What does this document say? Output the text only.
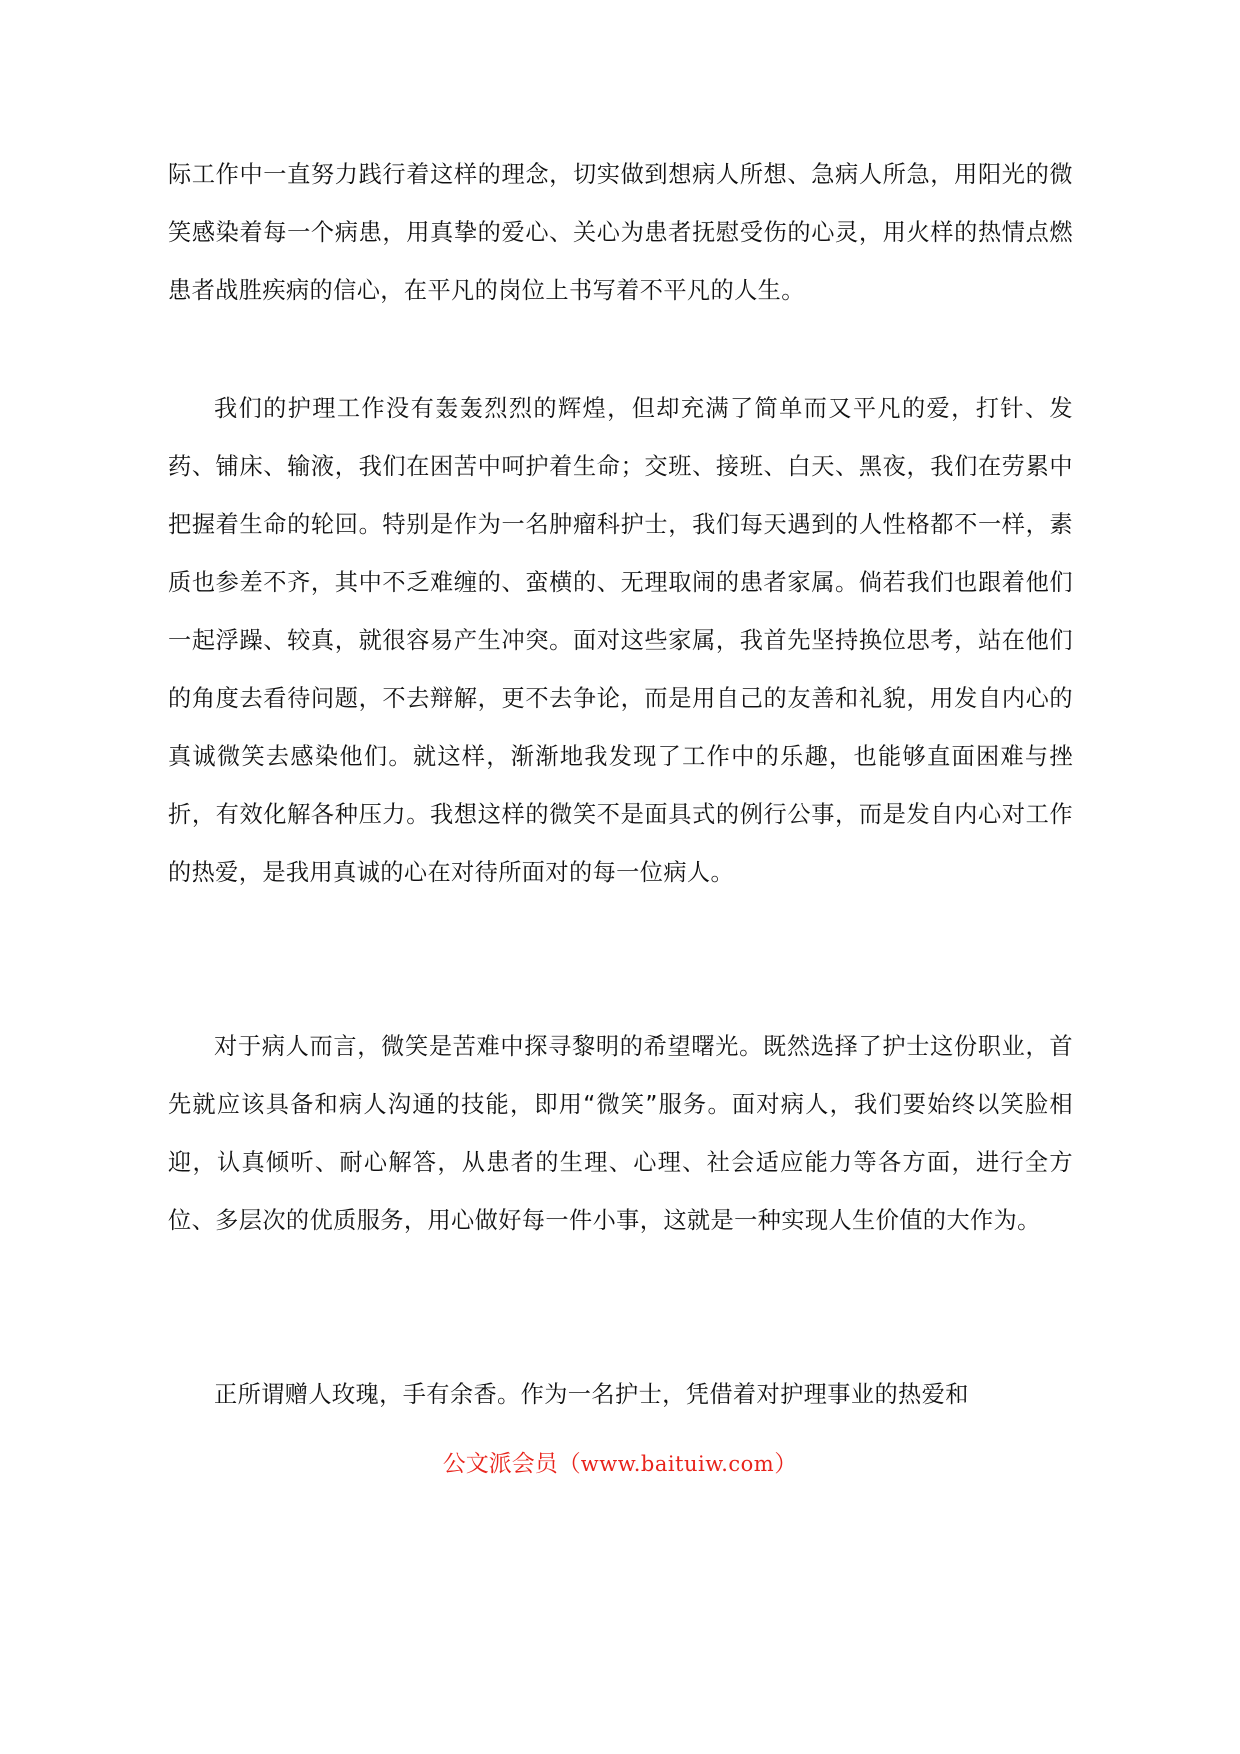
际工作中一直努力践行着这样的理念，切实做到想病人所想、急病人所急，用阳光的微笑感染着每一个病患，用真挚的爱心、关心为患者抚慰受伤的心灵，用火样的热情点燃患者战胜疾病的信心，在平凡的岗位上书写着不平凡的人生。

我们的护理工作没有轰轰烈烈的辉煌，但却充满了简单而又平凡的爱，打针、发药、铺床、输液，我们在困苦中呵护着生命；交班、接班、白天、黑夜，我们在劳累中把握着生命的轮回。特别是作为一名肿瘤科护士，我们每天遇到的人性格都不一样，素质也参差不齐，其中不乏难缠的、蛮横的、无理取闹的患者家属。倘若我们也跟着他们一起浮躁、较真，就很容易产生冲突。面对这些家属，我首先坚持换位思考，站在他们的角度去看待问题，不去辩解，更不去争论，而是用自己的友善和礼貌，用发自内心的真诚微笑去感染他们。就这样，渐渐地我发现了工作中的乐趣，也能够直面困难与挫折，有效化解各种压力。我想这样的微笑不是面具式的例行公事，而是发自内心对工作的热爱，是我用真诚的心在对待所面对的每一位病人。

对于病人而言，微笑是苦难中探寻黎明的希望曙光。既然选择了护士这份职业，首先就应该具备和病人沟通的技能，即用“微笑”服务。面对病人，我们要始终以笑脸相迎，认真倾听、耐心解答，从患者的生理、心理、社会适应能力等各方面，进行全方位、多层次的优质服务，用心做好每一件小事，这就是一种实现人生价值的大作为。

正所谓赠人玫瑰，手有余香。作为一名护士，凭借着对护理事业的热爱和

公文派会员（www.baituiw.com）
